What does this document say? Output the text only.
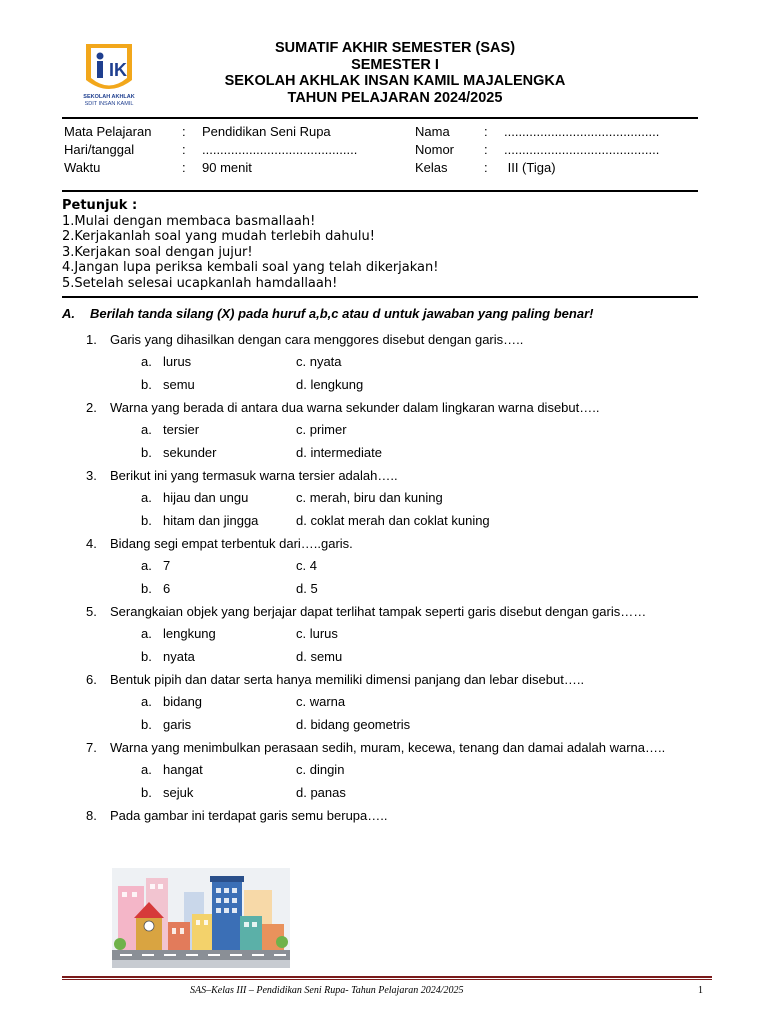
IK
SEKOLAH AKHLAK
SDIT INSAN KAMIL
SUMATIF AKHIR SEMESTER (SAS)
SEMESTER I
SEKOLAH AKHLAK INSAN KAMIL MAJALENGKA
TAHUN PELAJARAN 2024/2025
Mata Pelajaran : Pendidikan Seni Rupa	Nama	: ...........................................
Hari/tanggal	: ...........................................	Nomor : ...........................................
Waktu	: 90 menit	Kelas	: III (Tiga)
Petunjuk :
1.Mulai dengan membaca basmallaah!
2.Kerjakanlah soal yang mudah terlebih dahulu!
3.Kerjakan soal dengan jujur!
4.Jangan lupa periksa kembali soal yang telah dikerjakan!
5.Setelah selesai ucapkanlah hamdallaah!
A. Berilah tanda silang (X) pada huruf a,b,c atau d untuk jawaban yang paling benar!
1. Garis yang dihasilkan dengan cara menggores disebut dengan garis…..
a. lurus	c. nyata
b. semu	d. lengkung
2. Warna yang berada di antara dua warna sekunder dalam lingkaran warna disebut…..
a. tersier	c. primer
b. sekunder	d. intermediate
3. Berikut ini yang termasuk warna tersier adalah…..
a. hijau dan ungu	c. merah, biru dan kuning
b. hitam dan jingga	d. coklat merah dan coklat kuning
4. Bidang segi empat terbentuk dari…..garis.
a. 7	c. 4
b. 6	d. 5
5. Serangkaian objek yang berjajar dapat terlihat tampak seperti garis disebut dengan garis……
a. lengkung	c. lurus
b. nyata	d. semu
6. Bentuk pipih dan datar serta hanya memiliki dimensi panjang dan lebar disebut…..
a. bidang	c. warna
b. garis	d. bidang geometris
7. Warna yang menimbulkan perasaan sedih, muram, kecewa, tenang dan damai adalah warna…..
a. hangat	c. dingin
b. sejuk	d. panas
8. Pada gambar ini terdapat garis semu berupa…..
SAS–Kelas III – Pendidikan Seni Rupa- Tahun Pelajaran 2024/2025	1
